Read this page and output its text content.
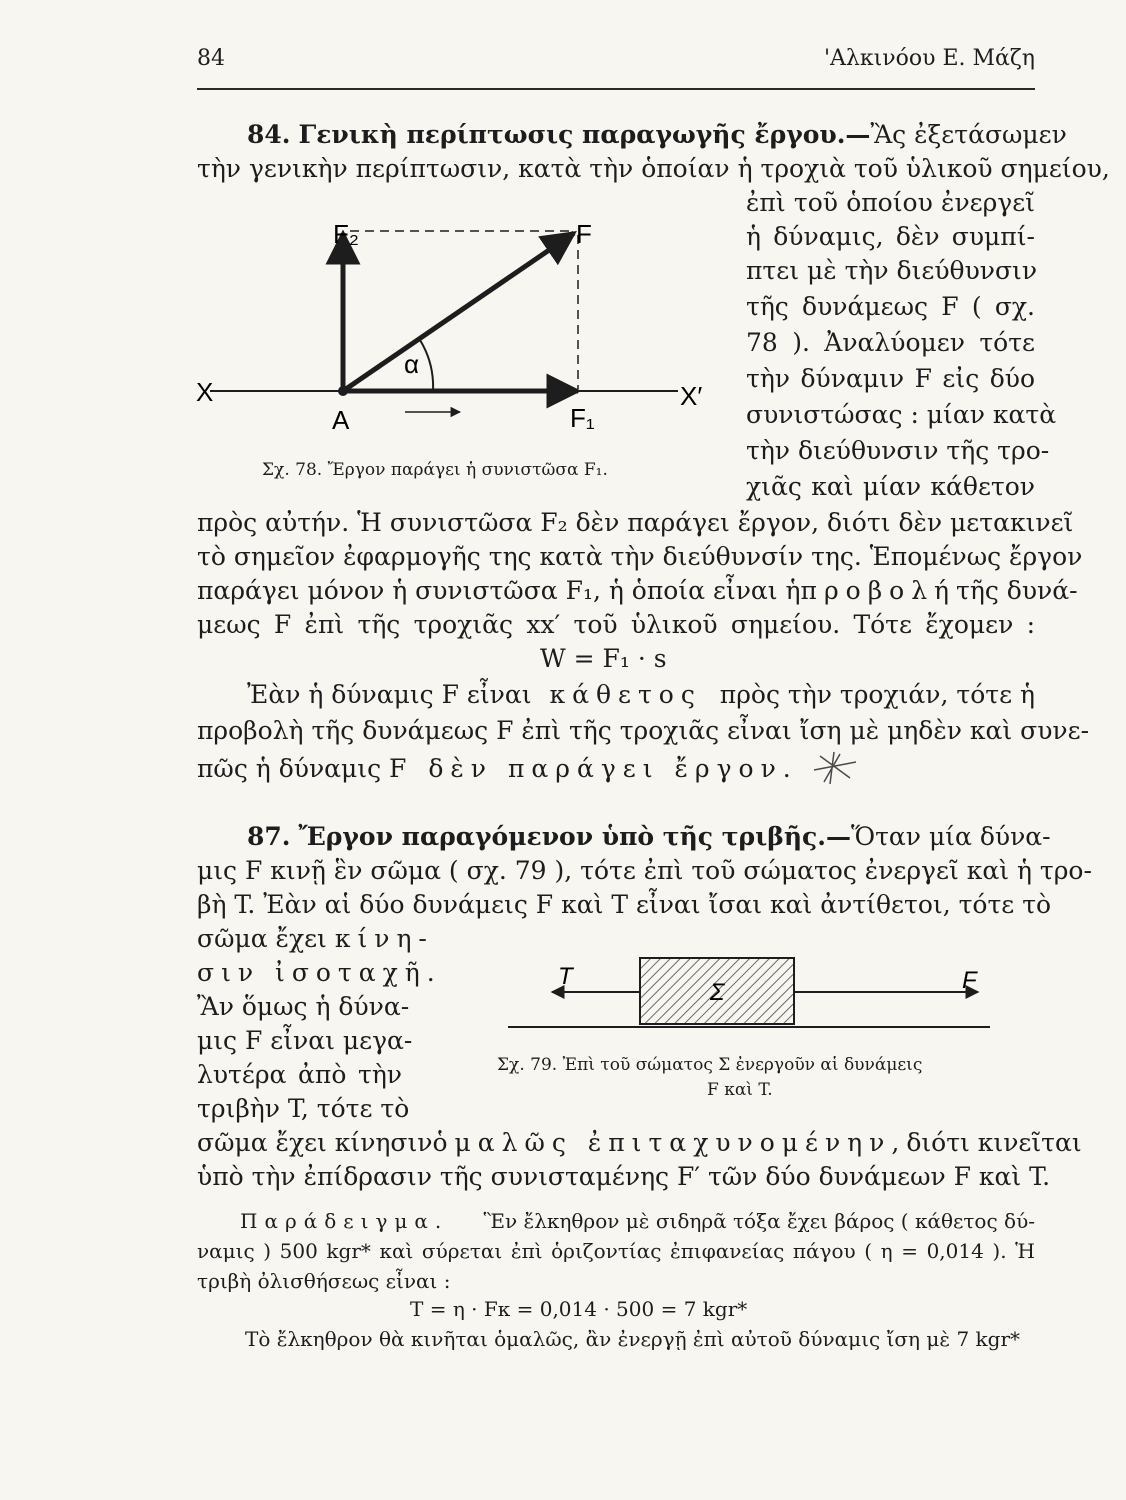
84	'Αλκινόου Ε. Μάζη
84. Γενικὴ περίπτωσις παραγωγῆς ἔργου.—Ἂς ἐξετάσωμεν
τὴν γενικὴν περίπτωσιν, κατὰ τὴν ὁποίαν ἡ τροχιὰ τοῦ ὑλικοῦ σημείου,
ἐπὶ τοῦ ὁποίου ἐνεργεῖ
ἡ δύναμις, δὲν συμπί-
πτει μὲ τὴν διεύθυνσιν
τῆς δυνάμεως F ( σχ.
78 ). Ἀναλύομεν τότε
τὴν δύναμιν F εἰς δύο
συνιστώσας : μίαν κατὰ
τὴν διεύθυνσιν τῆς τρο-
χιᾶς καὶ μίαν κάθετον
F₂	F
α
X
A
X′
F₁
Σχ. 78. Ἔργον παράγει ἡ συνιστῶσα F₁.
πρὸς αὐτήν. Ἡ συνιστῶσα F₂ δὲν παράγει ἔργον, διότι δὲν μετακινεῖ
τὸ σημεῖον ἐφαρμογῆς της κατὰ τὴν διεύθυνσίν της. Ἑπομένως ἔργον
παράγει μόνον ἡ συνιστῶσα F₁, ἡ ὁποία εἶναι ἡ προβολή τῆς δυνά-
μεως F ἐπὶ τῆς τροχιᾶς xx′ τοῦ ὑλικοῦ σημείου. Τότε ἔχομεν :
W = F₁ · s
Ἐὰν ἡ δύναμις F εἶναι κάθετος πρὸς τὴν τροχιάν, τότε ἡ
προβολὴ τῆς δυνάμεως F ἐπὶ τῆς τροχιᾶς εἶναι ἴση μὲ μηδὲν καὶ συνε-
πῶς ἡ δύναμις F δὲν παράγει ἔργον.
87. Ἔργον παραγόμενον ὑπὸ τῆς τριβῆς.—Ὅταν μία δύνα-
μις F κινῇ ἓν σῶμα ( σχ. 79 ), τότε ἐπὶ τοῦ σώματος ἐνεργεῖ καὶ ἡ τρο-
βὴ T. Ἐὰν αἱ δύο δυνάμεις F καὶ T εἶναι ἴσαι καὶ ἀντίθετοι, τότε τὸ
σῶμα ἔχει κίνη-
σιν ἰσοταχῆ.
Ἂν ὅμως ἡ δύνα-
μις F εἶναι μεγα-
λυτέρα ἀπὸ τὴν
τριβὴν T, τότε τὸ
T
Σ	F
Σχ. 79. Ἐπὶ τοῦ σώματος Σ ἐνεργοῦν αἱ δυνάμεις
F καὶ T.
σῶμα ἔχει κίνησιν ὁμαλῶς ἐπιταχυνομένην, διότι κινεῖται
ὑπὸ τὴν ἐπίδρασιν τῆς συνισταμένης F′ τῶν δύο δυνάμεων F καὶ T.
Παράδειγμα. Ἓν ἔλκηθρον μὲ σιδηρᾶ τόξα ἔχει βάρος ( κάθετος δύ-
ναμις ) 500 kgr* καὶ σύρεται ἐπὶ ὁριζοντίας ἐπιφανείας πάγου ( η = 0,014 ). Ἡ
τριβὴ ὀλισθήσεως εἶναι :
T = η · Fκ = 0,014 · 500 = 7 kgr*
Τὸ ἔλκηθρον θὰ κινῆται ὁμαλῶς, ἂν ἐνεργῇ ἐπὶ αὐτοῦ δύναμις ἴση μὲ 7 kgr*
